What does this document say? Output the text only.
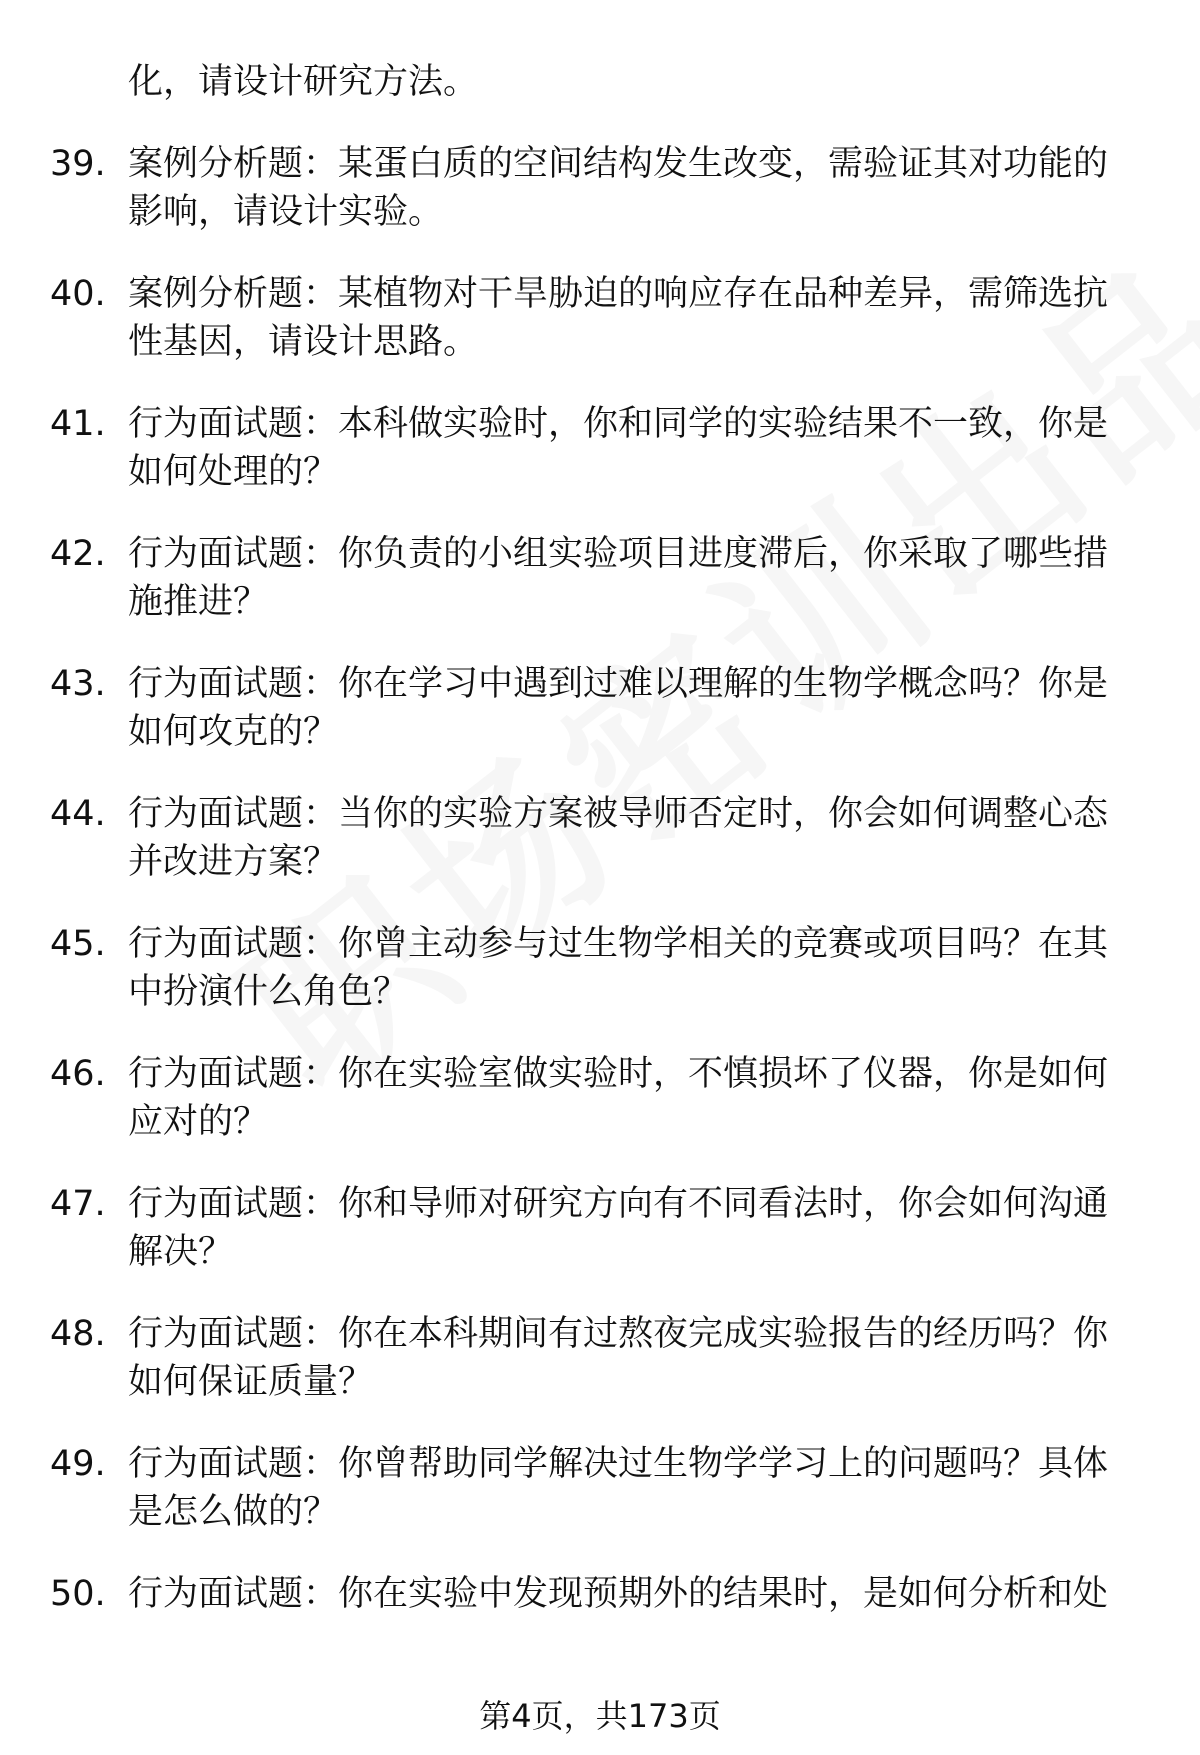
化，请设计研究方法。
39. 案例分析题：某蛋白质的空间结构发生改变，需验证其对功能的
影响，请设计实验。
40. 案例分析题：某植物对干旱胁迫的响应存在品种差异，需筛选抗
性基因，请设计思路。
41. 行为面试题：本科做实验时，你和同学的实验结果不一致，你是
如何处理的？
42. 行为面试题：你负责的小组实验项目进度滞后，你采取了哪些措
施推进？
43. 行为面试题：你在学习中遇到过难以理解的生物学概念吗？你是
如何攻克的？
44. 行为面试题：当你的实验方案被导师否定时，你会如何调整心态
并改进方案？
45. 行为面试题：你曾主动参与过生物学相关的竞赛或项目吗？在其
中扮演什么角色？
46. 行为面试题：你在实验室做实验时，不慎损坏了仪器，你是如何
应对的？
47. 行为面试题：你和导师对研究方向有不同看法时，你会如何沟通
解决？
48. 行为面试题：你在本科期间有过熬夜完成实验报告的经历吗？你
如何保证质量？
49. 行为面试题：你曾帮助同学解决过生物学学习上的问题吗？具体
是怎么做的？
50. 行为面试题：你在实验中发现预期外的结果时，是如何分析和处
第4页，共173页
